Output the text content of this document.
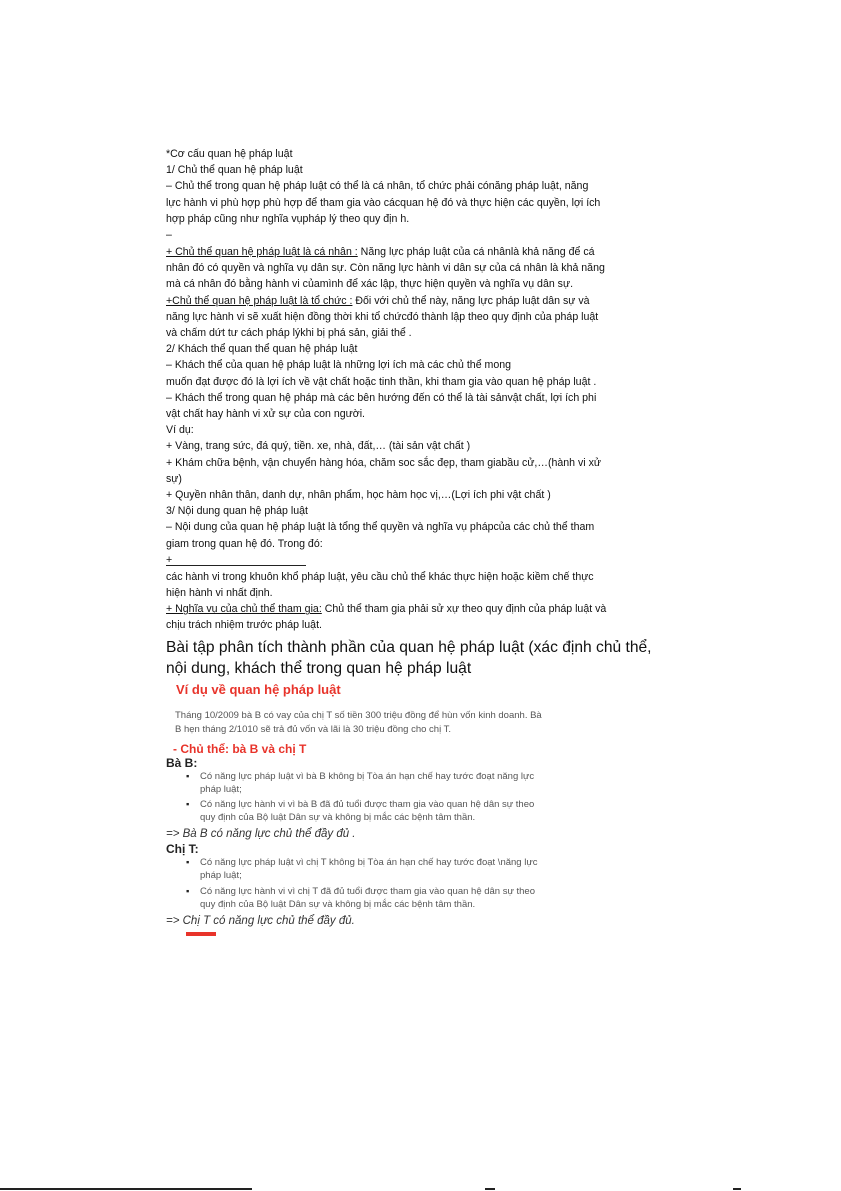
*Cơ cấu quan hệ pháp luật
1/ Chủ thể quan hệ pháp luật
– Chủ thể trong quan hệ pháp luật có thể là cá nhân, tổ chức phải cónăng pháp luật, năng
lực hành vi phù hợp phù hợp để tham gia vào cácquan hệ đó và thực hiện các quyền, lợi ích
hợp pháp cũng như nghĩa vụpháp lý theo quy địn h.
–
+ Chủ thể quan hệ pháp luật là cá nhân : Năng lực pháp luật của cá nhânlà khả năng để cá
nhân đó có quyền và nghĩa vụ dân sự. Còn năng lực hành vi dân sự của cá nhân là khả năng
mà cá nhân đó bằng hành vi củamình để xác lập, thực hiện quyền và nghĩa vụ dân sự.
+Chủ thể quan hệ pháp luật là tổ chức : Đối với chủ thể này, năng lực pháp luật dân sự và
năng lực hành vi sẽ xuất hiện đồng thời khi tổ chứcđó thành lập theo quy định của pháp luật
và chấm dứt tư cách pháp lýkhi bị phá sản, giải thể .
2/ Khách thể quan thể quan hệ pháp luật
– Khách thể của quan hệ pháp luật là những lợi ích mà các chủ thể mong
muốn đạt được đó là lợi ích về vật chất hoặc tinh thần, khi tham gia vào quan hệ pháp luật .
– Khách thể trong quan hệ pháp mà các bên hướng đến có thể là tài sảnvật chất, lợi ích phi
vật chất hay hành vi xử sự của con người.
Ví dụ:
+ Vàng, trang sức, đá quý, tiền. xe, nhà, đất,… (tài sản vật chất )
+ Khám chữa bệnh, vận chuyển hàng hóa, chăm soc sắc đẹp, tham giabầu cử,…(hành vi xử
sự)
+ Quyền nhân thân, danh dự, nhân phẩm, học hàm học vị,…(Lợi ích phi vật chất )
3/ Nội dung quan hệ pháp luật
– Nội dung của quan hệ pháp luật là tổng thể quyền và nghĩa vụ phápcủa các chủ thể tham
giam trong quan hệ đó. Trong đó:
+
các hành vi trong khuôn khổ pháp luật, yêu cầu chủ thể khác thực hiện hoặc kiềm chế thực
hiện hành vi nhất định.
+ Nghĩa vụ của chủ thể tham gia: Chủ thể tham gia phải sử xự theo quy định của pháp luật và
chịu trách nhiệm trước pháp luật.
Bài tập phân tích thành phần của quan hệ pháp luật (xác định chủ thể,
nội dung, khách thể trong quan hệ pháp luật
Ví dụ về quan hệ pháp luật
Tháng 10/2009 bà B có vay của chị T số tiền 300 triệu đồng để hùn vốn kinh doanh. Bà
B hẹn tháng 2/1010 sẽ trả đủ vốn và lãi là 30 triệu đồng cho chị T.
- Chủ thể: bà B và chị T
Bà B:
▪ Có năng lực pháp luật vì bà B không bị Tòa án hạn chế hay tước đoạt năng lực
pháp luật;
▪ Có năng lực hành vi vì bà B đã đủ tuổi được tham gia vào quan hệ dân sự theo
quy định của Bộ luật Dân sự và không bị mắc các bệnh tâm thần.
=> Bà B có năng lực chủ thể đầy đủ .
Chị T:
▪ Có năng lực pháp luật vì chị T không bị Tòa án hạn chế hay tước đoạt \năng lực
pháp luật;
▪ Có năng lực hành vi vì chị T đã đủ tuổi được tham gia vào quan hệ dân sự theo
quy định của Bộ luật Dân sự và không bị mắc các bệnh tâm thần.
=> Chị T có năng lực chủ thể đầy đủ.
